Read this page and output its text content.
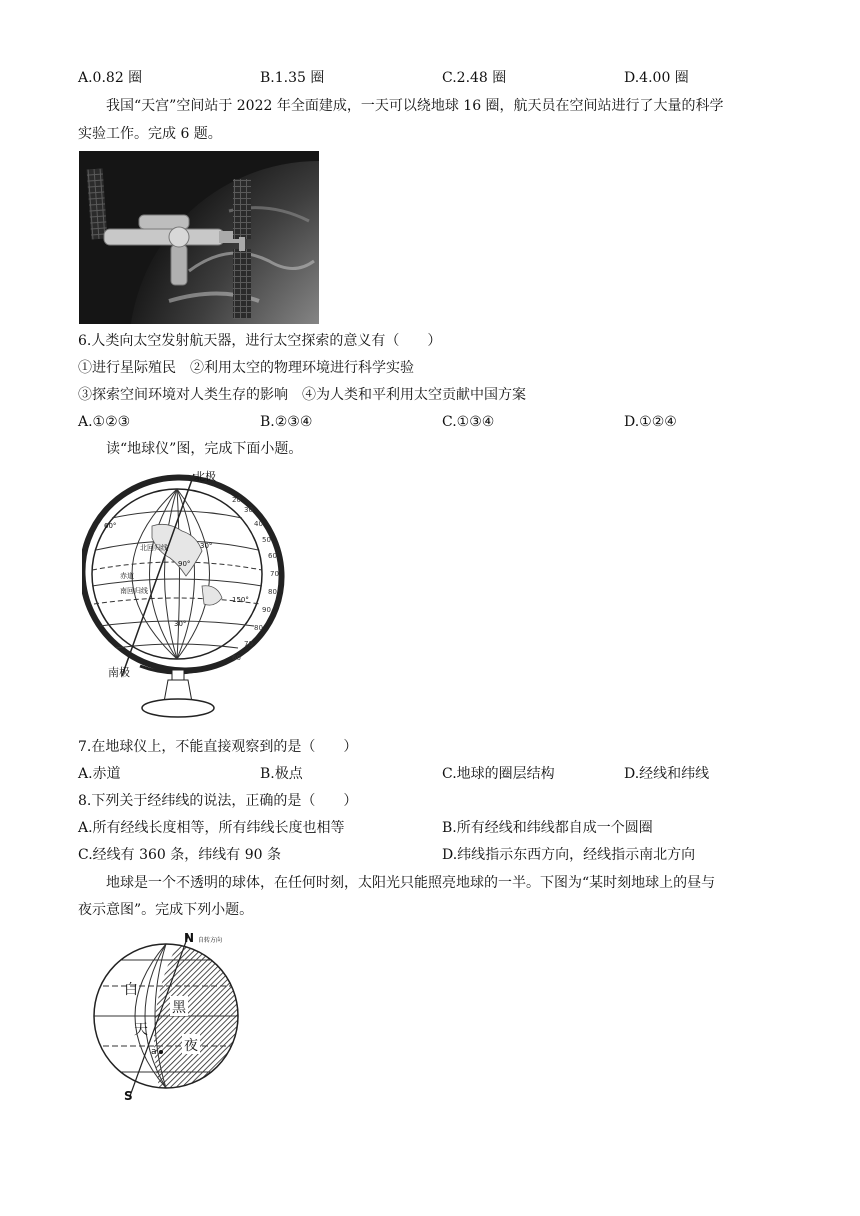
A.0.82 圈	B.1.35 圈	C.2.48 圈	D.4.00 圈
我国“天宫”空间站于 2022 年全面建成，一天可以绕地球 16 圈，航天员在空间站进行了大量的科学
实验工作。完成 6 题。
6.人类向太空发射航天器，进行太空探索的意义有（　　）
①进行星际殖民　②利用太空的物理环境进行科学实验
③探索空间环境对人类生存的影响　④为人类和平利用太空贡献中国方案
A.①②③	B.②③④	C.①③④	D.①②④
读“地球仪”图，完成下面小题。
20
30
40
50
60
70
80
90
80
70
60
北极
南极
北回归线
赤道
南回归线
30°
30°
90°
150°
60°
7.在地球仪上，不能直接观察到的是（　　）
A.赤道	B.极点	C.地球的圈层结构	D.经线和纬线
8.下列关于经纬线的说法，正确的是（　　）
A.所有经线长度相等，所有纬线长度也相等	B.所有经线和纬线都自成一个圆圈
C.经线有 360 条，纬线有 90 条	D.纬线指示东西方向，经线指示南北方向
地球是一个不透明的球体，在任何时刻，太阳光只能照亮地球的一半。下图为“某时刻地球上的昼与
夜示意图”。完成下列小题。
N 自转方向
S
白
天
黑
夜
a
